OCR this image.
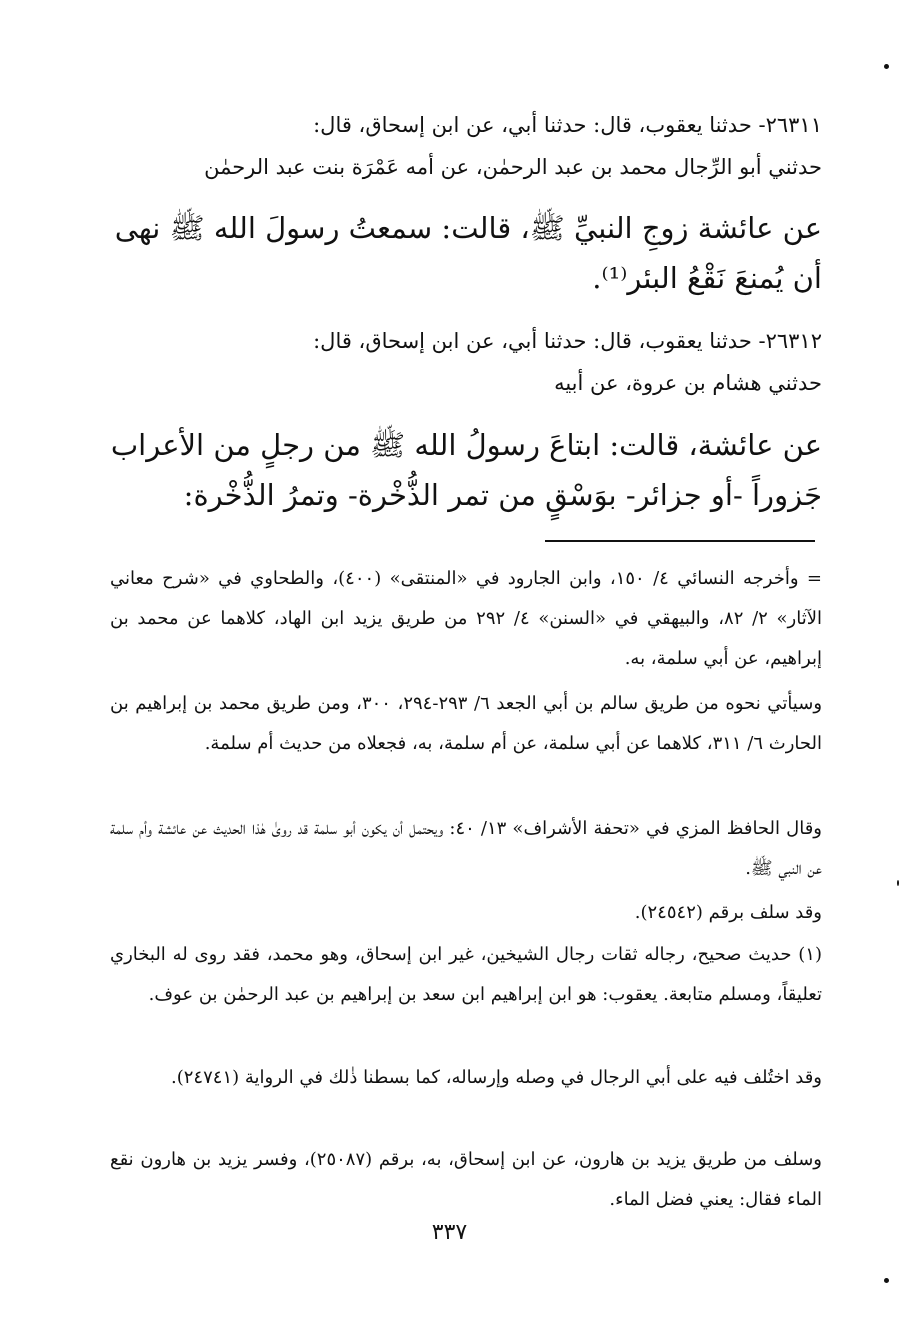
٢٦٣١١- حدثنا يعقوب، قال: حدثنا أبي، عن ابن إسحاق، قال:
حدثني أبو الرِّجال محمد بن عبد الرحمٰن، عن أمه عَمْرَة بنت عبد الرحمٰن

عن عائشة زوجِ النبيِّ ﷺ، قالت: سمعتُ رسولَ الله ﷺ نهى
أن يُمنعَ نَقْعُ البئر⁽¹⁾.

٢٦٣١٢- حدثنا يعقوب، قال: حدثنا أبي، عن ابن إسحاق، قال:
حدثني هشام بن عروة، عن أبيه

عن عائشة، قالت: ابتاعَ رسولُ الله ﷺ من رجلٍ من الأعراب
جَزوراً -أو جزائر- بوَسْقٍ من تمر الذُّخْرة- وتمرُ الذُّخْرة:

= وأخرجه النسائي ٤/ ١٥٠، وابن الجارود في «المنتقى» (٤٠٠)، والطحاوي في «شرح معاني الآثار» ٢/ ٨٢، والبيهقي في «السنن» ٤/ ٢٩٢ من طريق يزيد ابن الهاد، كلاهما عن محمد بن إبراهيم، عن أبي سلمة، به.

وسيأتي نحوه من طريق سالم بن أبي الجعد ٦/ ٢٩٣-٢٩٤، ٣٠٠، ومن طريق محمد بن إبراهيم بن الحارث ٦/ ٣١١، كلاهما عن أبي سلمة، عن أم سلمة، به، فجعلاه من حديث أم سلمة.

وقال الحافظ المزي في «تحفة الأشراف» ١٣/ ٤٠: ويحتمل أن يكون أبو سلمة قد روىٰ هٰذا الحديث عن عائشة وأم سلمة عن النبي ﷺ.

وقد سلف برقم (٢٤٥٤٢).

(١) حديث صحيح، رجاله ثقات رجال الشيخين، غير ابن إسحاق، وهو محمد، فقد روى له البخاري تعليقاً، ومسلم متابعة. يعقوب: هو ابن إبراهيم ابن سعد بن إبراهيم بن عبد الرحمٰن بن عوف.

وقد اختُلف فيه على أبي الرجال في وصله وإرساله، كما بسطنا ذٰلك في الرواية (٢٤٧٤١).

وسلف من طريق يزيد بن هارون، عن ابن إسحاق، به، برقم (٢٥٠٨٧)، وفسر يزيد بن هارون نقع الماء فقال: يعني فضل الماء.

٣٣٧
